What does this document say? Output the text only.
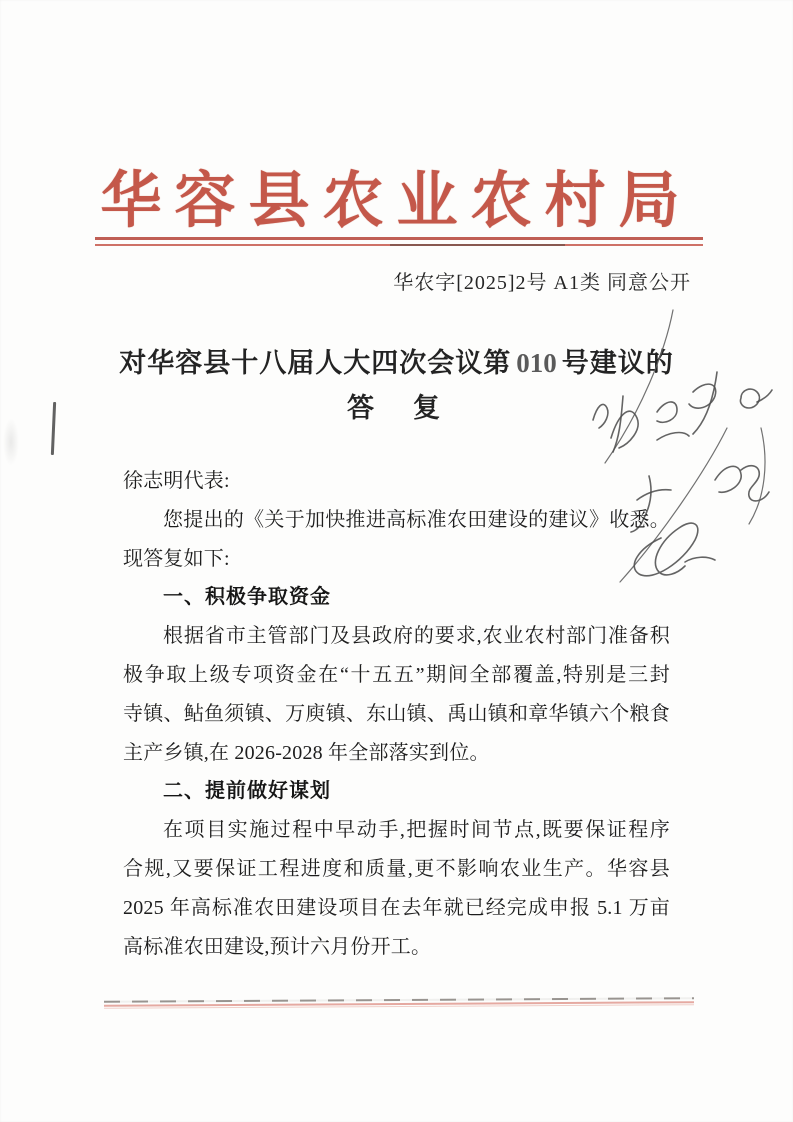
华容县农业农村局
华农字[2025]2号 A1类 同意公开
对华容县十八届人大四次会议第 010 号建议的
答　复
徐志明代表:
您提出的《关于加快推进高标准农田建设的建议》收悉。
现答复如下:
一、积极争取资金
根据省市主管部门及县政府的要求,农业农村部门准备积
极争取上级专项资金在“十五五”期间全部覆盖,特别是三封
寺镇、鲇鱼须镇、万庾镇、东山镇、禹山镇和章华镇六个粮食
主产乡镇,在 2026-2028 年全部落实到位。
二、提前做好谋划
在项目实施过程中早动手,把握时间节点,既要保证程序
合规,又要保证工程进度和质量,更不影响农业生产。华容县
2025 年高标准农田建设项目在去年就已经完成申报 5.1 万亩
高标准农田建设,预计六月份开工。
